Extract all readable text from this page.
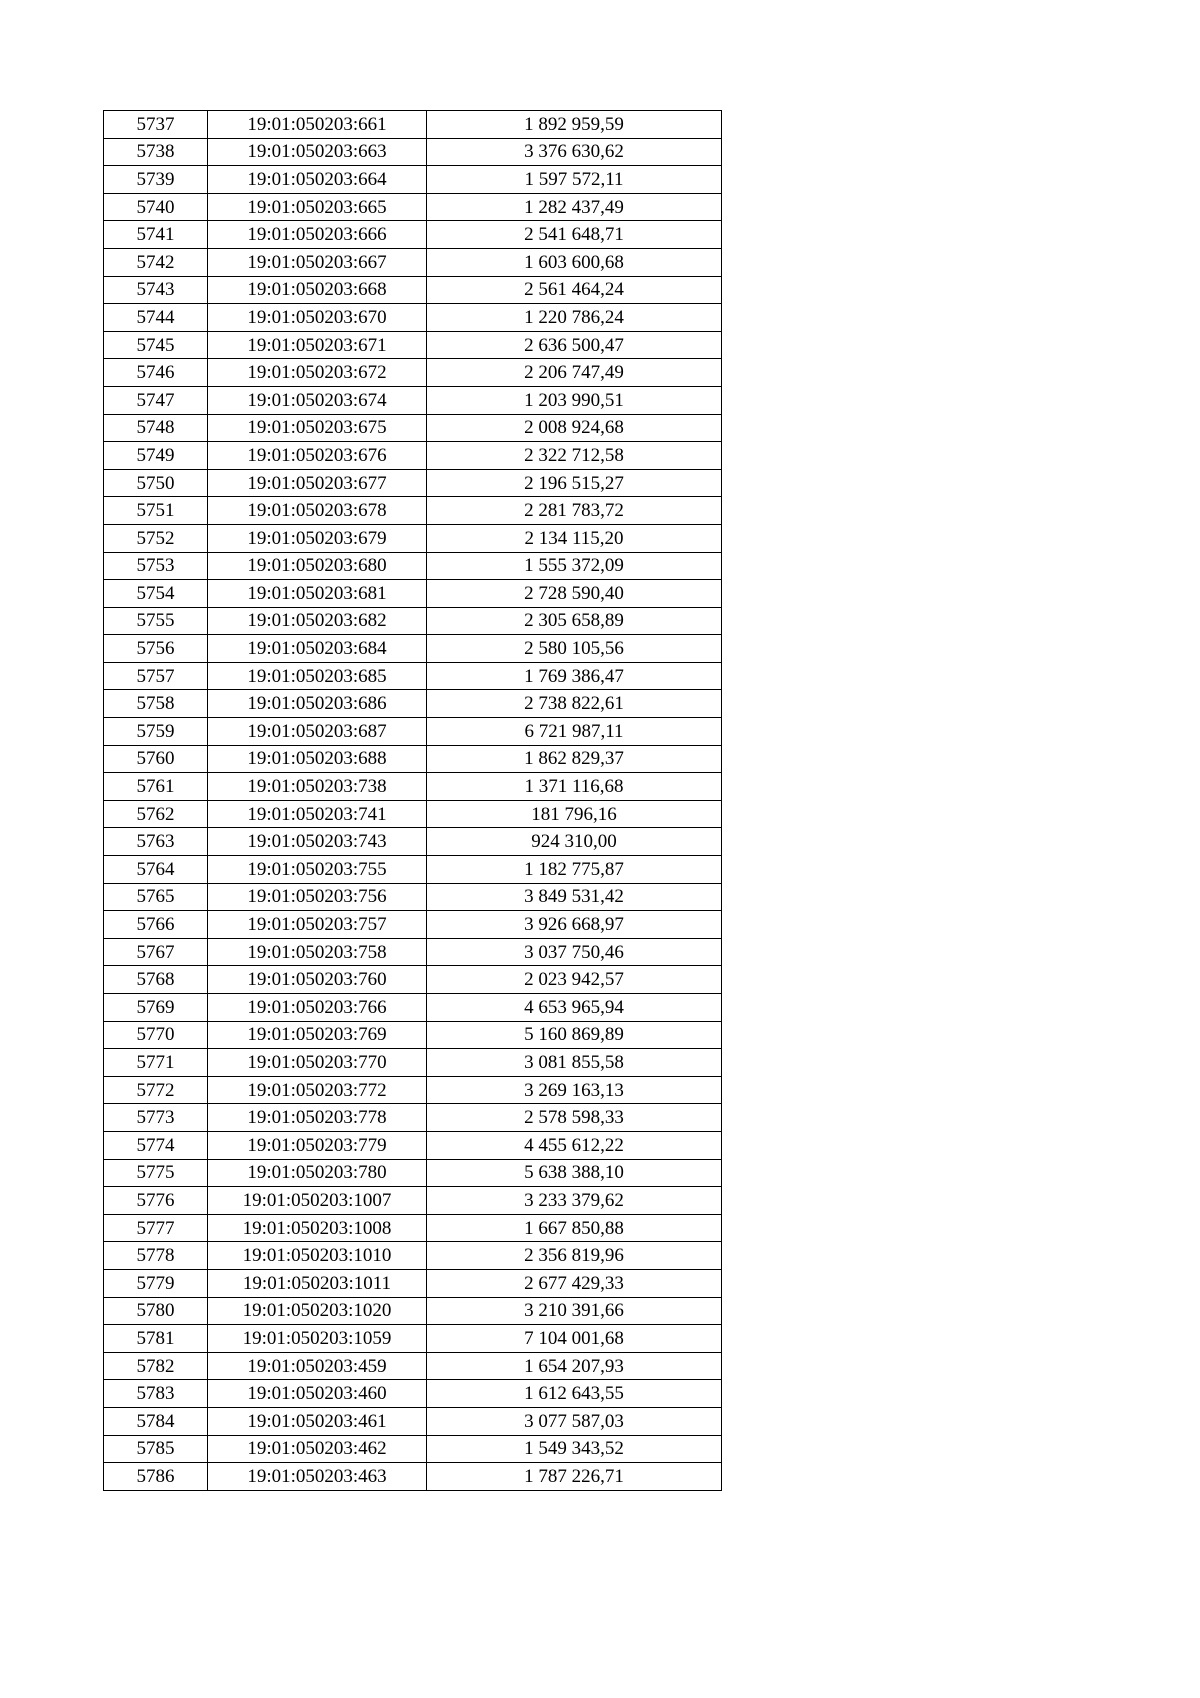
5737	19:01:050203:661	1 892 959,59
5738	19:01:050203:663	3 376 630,62
5739	19:01:050203:664	1 597 572,11
5740	19:01:050203:665	1 282 437,49
5741	19:01:050203:666	2 541 648,71
5742	19:01:050203:667	1 603 600,68
5743	19:01:050203:668	2 561 464,24
5744	19:01:050203:670	1 220 786,24
5745	19:01:050203:671	2 636 500,47
5746	19:01:050203:672	2 206 747,49
5747	19:01:050203:674	1 203 990,51
5748	19:01:050203:675	2 008 924,68
5749	19:01:050203:676	2 322 712,58
5750	19:01:050203:677	2 196 515,27
5751	19:01:050203:678	2 281 783,72
5752	19:01:050203:679	2 134 115,20
5753	19:01:050203:680	1 555 372,09
5754	19:01:050203:681	2 728 590,40
5755	19:01:050203:682	2 305 658,89
5756	19:01:050203:684	2 580 105,56
5757	19:01:050203:685	1 769 386,47
5758	19:01:050203:686	2 738 822,61
5759	19:01:050203:687	6 721 987,11
5760	19:01:050203:688	1 862 829,37
5761	19:01:050203:738	1 371 116,68
5762	19:01:050203:741	181 796,16
5763	19:01:050203:743	924 310,00
5764	19:01:050203:755	1 182 775,87
5765	19:01:050203:756	3 849 531,42
5766	19:01:050203:757	3 926 668,97
5767	19:01:050203:758	3 037 750,46
5768	19:01:050203:760	2 023 942,57
5769	19:01:050203:766	4 653 965,94
5770	19:01:050203:769	5 160 869,89
5771	19:01:050203:770	3 081 855,58
5772	19:01:050203:772	3 269 163,13
5773	19:01:050203:778	2 578 598,33
5774	19:01:050203:779	4 455 612,22
5775	19:01:050203:780	5 638 388,10
5776	19:01:050203:1007	3 233 379,62
5777	19:01:050203:1008	1 667 850,88
5778	19:01:050203:1010	2 356 819,96
5779	19:01:050203:1011	2 677 429,33
5780	19:01:050203:1020	3 210 391,66
5781	19:01:050203:1059	7 104 001,68
5782	19:01:050203:459	1 654 207,93
5783	19:01:050203:460	1 612 643,55
5784	19:01:050203:461	3 077 587,03
5785	19:01:050203:462	1 549 343,52
5786	19:01:050203:463	1 787 226,71
